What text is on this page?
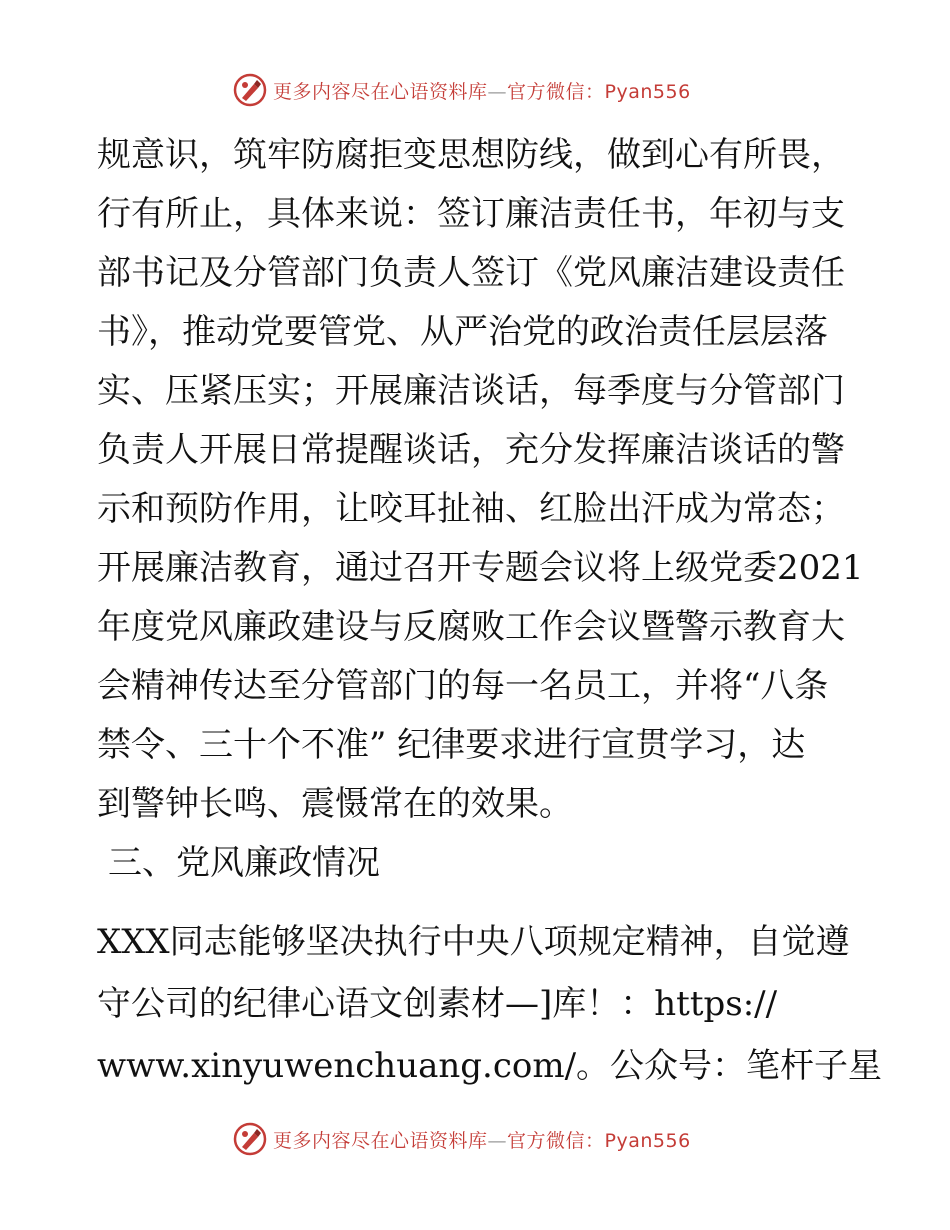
更多内容尽在心语资料库—官方微信：Pyan556
规意识，筑牢防腐拒变思想防线，做到心有所畏，
行有所止，具体来说：签订廉洁责任书，年初与支
部书记及分管部门负责人签订《党风廉洁建设责任
书》，推动党要管党、从严治党的政治责任层层落
实、压紧压实；开展廉洁谈话，每季度与分管部门
负责人开展日常提醒谈话，充分发挥廉洁谈话的警
示和预防作用，让咬耳扯袖、红脸出汗成为常态；
开展廉洁教育，通过召开专题会议将上级党委2021
年度党风廉政建设与反腐败工作会议暨警示教育大
会精神传达至分管部门的每一名员工，并将“八条
禁令、三十个不准” 纪律要求进行宣贯学习，达
到警钟长鸣、震慑常在的效果。
三、党风廉政情况
XXX同志能够坚决执行中央八项规定精神，自觉遵
守公司的纪律心语文创素材—]库！：https://
www.xinyuwenchuang.com/。公众号：笔杆子星
更多内容尽在心语资料库—官方微信：Pyan556
